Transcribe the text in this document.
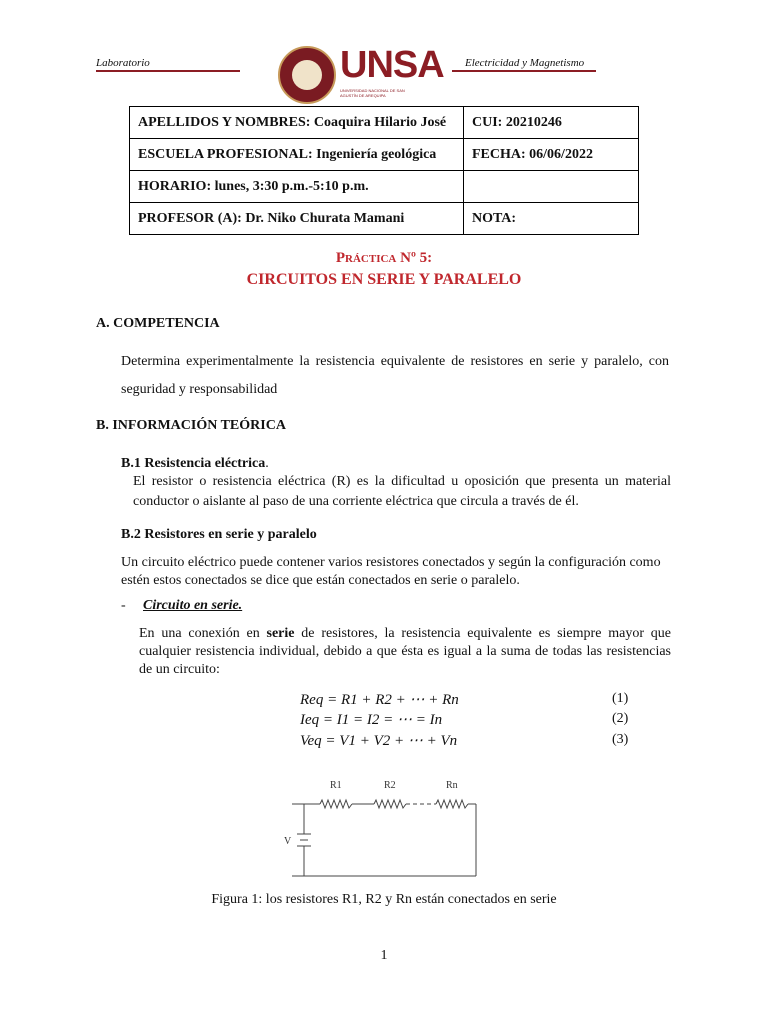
Laboratorio	Electricidad y Magnetismo
UNSA
UNIVERSIDAD NACIONAL DE SAN AGUSTÍN DE AREQUIPA
APELLIDOS Y NOMBRES: Coaquira Hilario José	CUI: 20210246
ESCUELA PROFESIONAL: Ingeniería geológica	FECHA: 06/06/2022
HORARIO: lunes, 3:30 p.m.-5:10 p.m.	
PROFESOR (A): Dr. Niko Churata Mamani	NOTA:
Práctica Nº 5:
CIRCUITOS EN SERIE Y PARALELO
A. COMPETENCIA
Determina experimentalmente la resistencia equivalente de resistores en serie y paralelo, con seguridad y responsabilidad
B. INFORMACIÓN TEÓRICA
B.1 Resistencia eléctrica.
El resistor o resistencia eléctrica (R) es la dificultad u oposición que presenta un material conductor o aislante al paso de una corriente eléctrica que circula a través de él.
B.2 Resistores en serie y paralelo
Un circuito eléctrico puede contener varios resistores conectados y según la configuración como estén estos conectados se dice que están conectados en serie o paralelo.
- Circuito en serie.
En una conexión en serie de resistores, la resistencia equivalente es siempre mayor que cualquier resistencia individual, debido a que ésta es igual a la suma de todas las resistencias de un circuito:
Req = R1 + R2 + ⋯ + Rn	(1)
Ieq = I1 = I2 = ⋯ = In	(2)
Veq = V1 + V2 + ⋯ + Vn	(3)
R1	R2	Rn
V
Figura 1: los resistores R1, R2 y Rn están conectados en serie
1
